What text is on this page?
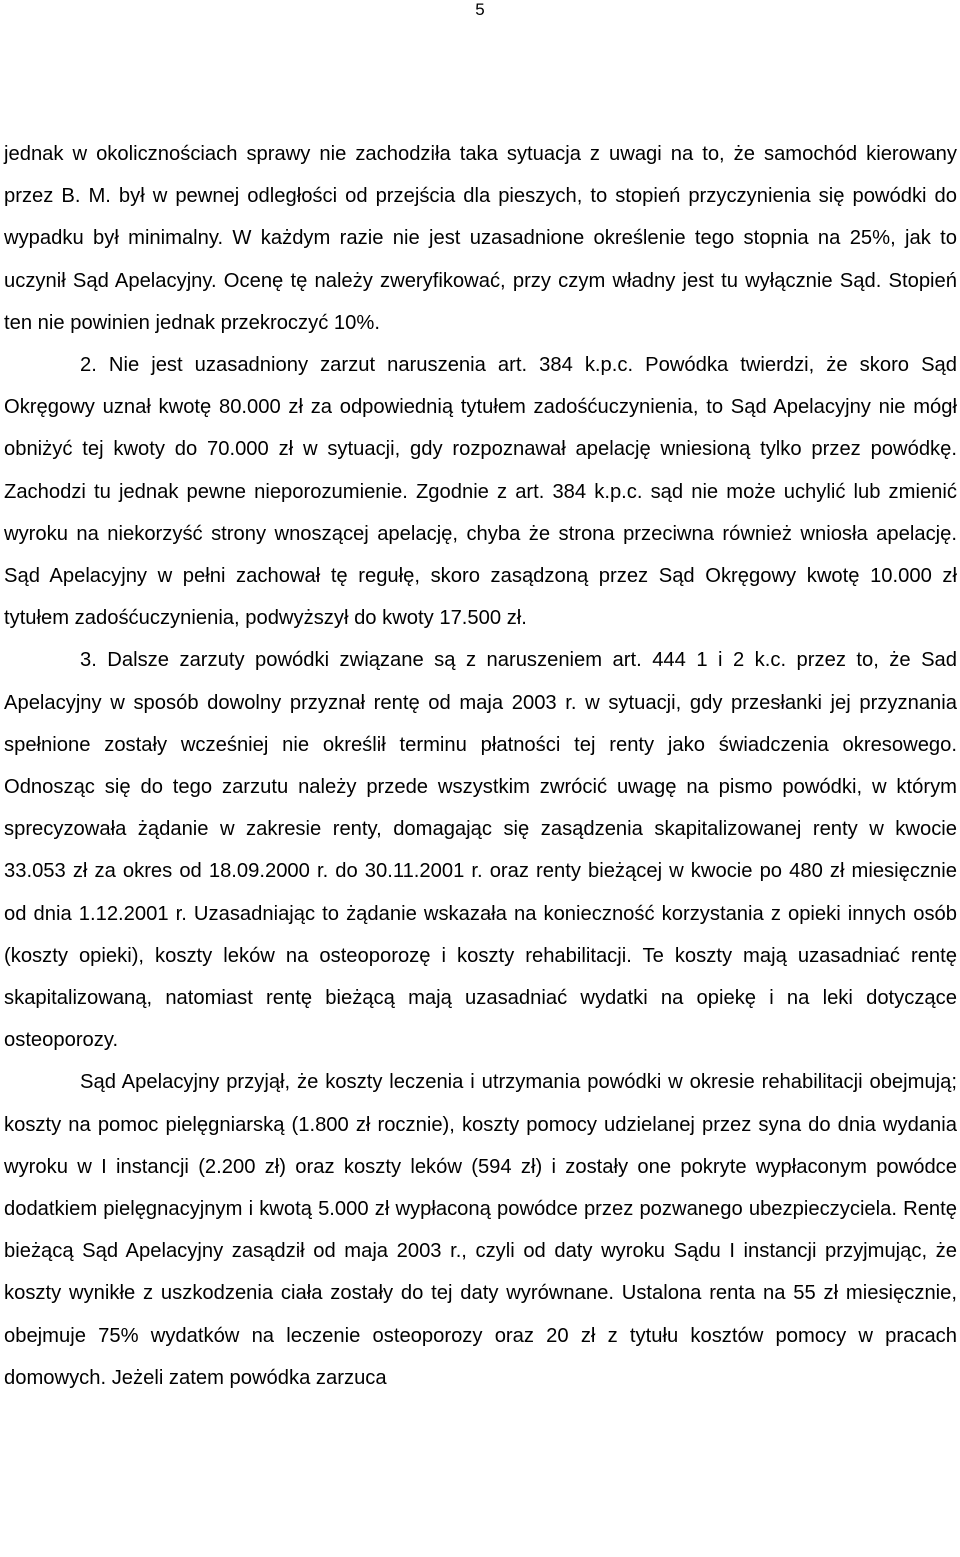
5

jednak w okolicznościach sprawy nie zachodziła taka sytuacja z uwagi na to, że samochód kierowany przez B. M. był w pewnej odległości od przejścia dla pieszych, to stopień przyczynienia się powódki do wypadku był minimalny. W każdym razie nie jest uzasadnione określenie tego stopnia na 25%, jak to uczynił Sąd Apelacyjny. Ocenę tę należy zweryfikować, przy czym władny jest tu wyłącznie Sąd. Stopień ten nie powinien jednak przekroczyć 10%.

2. Nie jest uzasadniony zarzut naruszenia art. 384 k.p.c. Powódka twierdzi, że skoro Sąd Okręgowy uznał kwotę 80.000 zł za odpowiednią tytułem zadośćuczynienia, to Sąd Apelacyjny nie mógł obniżyć tej kwoty do 70.000 zł w sytuacji, gdy rozpoznawał apelację wniesioną tylko przez powódkę. Zachodzi tu jednak pewne nieporozumienie. Zgodnie z art. 384 k.p.c. sąd nie może uchylić lub zmienić wyroku na niekorzyść strony wnoszącej apelację, chyba że strona przeciwna również wniosła apelację. Sąd Apelacyjny w pełni zachował tę regułę, skoro zasądzoną przez Sąd Okręgowy kwotę 10.000 zł tytułem zadośćuczynienia, podwyższył do kwoty 17.500 zł.

3. Dalsze zarzuty powódki związane są z naruszeniem art. 444 1 i 2 k.c. przez to, że Sad Apelacyjny w sposób dowolny przyznał rentę od maja 2003 r. w sytuacji, gdy przesłanki jej przyznania spełnione zostały wcześniej nie określił terminu płatności tej renty jako świadczenia okresowego. Odnosząc się do tego zarzutu należy przede wszystkim zwrócić uwagę na pismo powódki, w którym sprecyzowała żądanie w zakresie renty, domagając się zasądzenia skapitalizowanej renty w kwocie 33.053 zł za okres od 18.09.2000 r. do 30.11.2001 r. oraz renty bieżącej w kwocie po 480 zł miesięcznie od dnia 1.12.2001 r. Uzasadniając to żądanie wskazała na konieczność korzystania z opieki innych osób (koszty opieki), koszty leków na osteoporozę i koszty rehabilitacji. Te koszty mają uzasadniać rentę skapitalizowaną, natomiast rentę bieżącą mają uzasadniać wydatki na opiekę i na leki dotyczące osteoporozy.

Sąd Apelacyjny przyjął, że koszty leczenia i utrzymania powódki w okresie rehabilitacji obejmują; koszty na pomoc pielęgniarską (1.800 zł rocznie), koszty pomocy udzielanej przez syna do dnia wydania wyroku w I instancji (2.200 zł) oraz koszty leków (594 zł) i zostały one pokryte wypłaconym powódce dodatkiem pielęgnacyjnym i kwotą 5.000 zł wypłaconą powódce przez pozwanego ubezpieczyciela. Rentę bieżącą Sąd Apelacyjny zasądził od maja 2003 r., czyli od daty wyroku Sądu I instancji przyjmując, że koszty wynikłe z uszkodzenia ciała zostały do tej daty wyrównane. Ustalona renta na 55 zł miesięcznie, obejmuje 75% wydatków na leczenie osteoporozy oraz 20 zł z tytułu kosztów pomocy w pracach domowych. Jeżeli zatem powódka zarzuca
